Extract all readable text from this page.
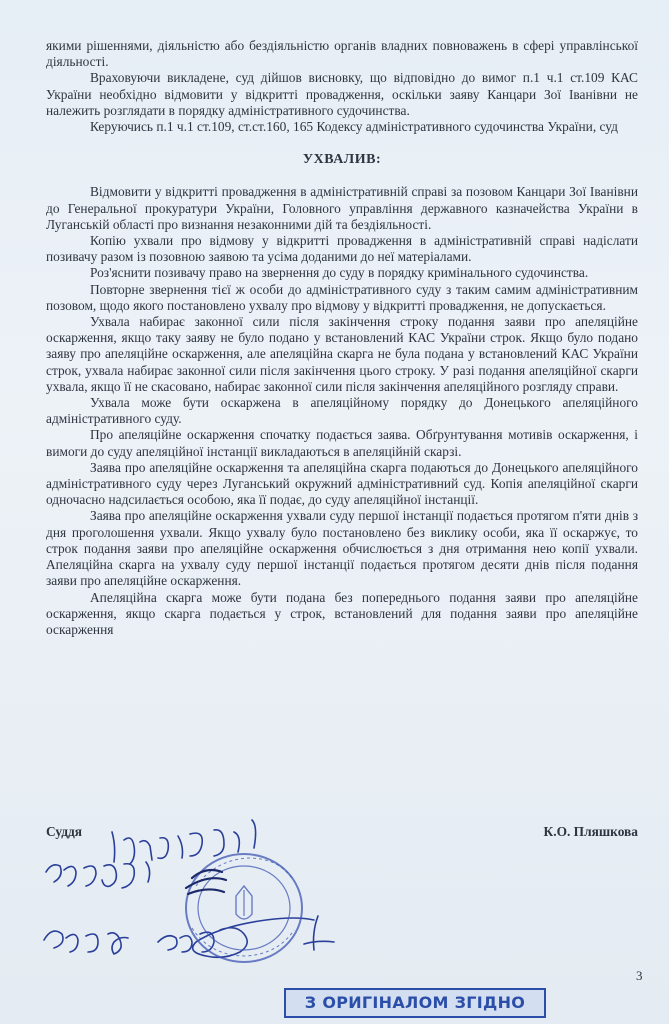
якими рішеннями, діяльністю або бездіяльністю органів владних повноважень в сфері управлінської діяльності.

Враховуючи викладене, суд дійшов висновку, що відповідно до вимог п.1 ч.1 ст.109 КАС України необхідно відмовити у відкритті провадження, оскільки заяву Канцари Зої Іванівни не належить розглядати в порядку адміністративного судочинства.

Керуючись п.1 ч.1 ст.109, ст.ст.160, 165 Кодексу адміністративного судочинства України, суд

УХВАЛИВ:

Відмовити у відкритті провадження в адміністративній справі за позовом Канцари Зої Іванівни до Генеральної прокуратури України, Головного управління державного казначейства України в Луганській області про визнання незаконними дій та бездіяльності.

Копію ухвали про відмову у відкритті провадження в адміністративній справі надіслати позивачу разом із позовною заявою та усіма доданими до неї матеріалами.

Роз'яснити позивачу право на звернення до суду в порядку кримінального судочинства.

Повторне звернення тієї ж особи до адміністративного суду з таким самим адміністративним позовом, щодо якого постановлено ухвалу про відмову у відкритті провадження, не допускається.

Ухвала набирає законної сили після закінчення строку подання заяви про апеляційне оскарження, якщо таку заяву не було подано у встановлений КАС України строк. Якщо було подано заяву про апеляційне оскарження, але апеляційна скарга не була подана у встановлений КАС України строк, ухвала набирає законної сили після закінчення цього строку. У разі подання апеляційної скарги ухвала, якщо її не скасовано, набирає законної сили після закінчення апеляційного розгляду справи.

Ухвала може бути оскаржена в апеляційному порядку до Донецького апеляційного адміністративного суду.

Про апеляційне оскарження спочатку подається заява. Обґрунтування мотивів оскарження, і вимоги до суду апеляційної інстанції викладаються в апеляційній скарзі.

Заява про апеляційне оскарження та апеляційна скарга подаються до Донецького апеляційного адміністративного суду через Луганський окружний адміністративний суд. Копія апеляційної скарги одночасно надсилається особою, яка її подає, до суду апеляційної інстанції.

Заява про апеляційне оскарження ухвали суду першої інстанції подається протягом п'яти днів з дня проголошення ухвали. Якщо ухвалу було постановлено без виклику особи, яка її оскаржує, то строк подання заяви про апеляційне оскарження обчислюється з дня отримання нею копії ухвали. Апеляційна скарга на ухвалу суду першої інстанції подається протягом десяти днів після подання заяви про апеляційне оскарження.

Апеляційна скарга може бути подана без попереднього подання заяви про апеляційне оскарження, якщо скарга подається у строк, встановлений для подання заяви про апеляційне оскарження

Суддя	К.О. Пляшкова
3
З ОРИГІНАЛОМ ЗГІДНО
